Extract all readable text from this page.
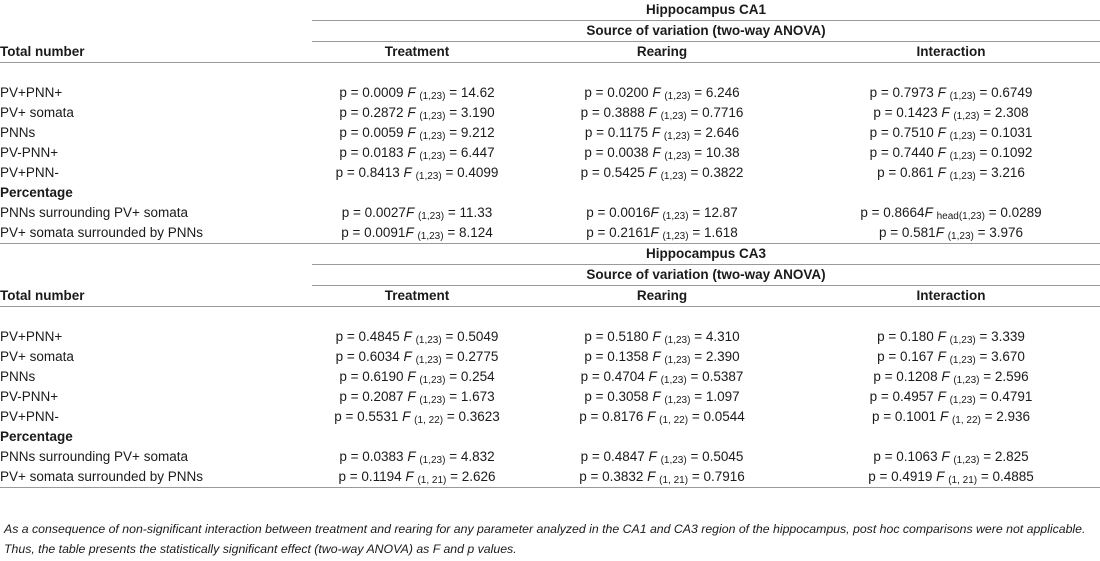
	Hippocampus CA1		
	Source of variation (two-way ANOVA)		
Total number	Treatment	Rearing	Interaction

PV+PNN+	p = 0.0009 F $_{(1,23)}$ = 14.62	p = 0.0200 F $_{(1,23)}$ = 6.246	p = 0.7973 F $_{(1,23)}$ = 0.6749
PV+ somata	p = 0.2872 F $_{(1,23)}$ = 3.190	p = 0.3888 F $_{(1,23)}$ = 0.7716	p = 0.1423 F $_{(1,23)}$ = 2.308
PNNs	p = 0.0059 F $_{(1,23)}$ = 9.212	p = 0.1175 F $_{(1,23)}$ = 2.646	p = 0.7510 F $_{(1,23)}$ = 0.1031
PV-PNN+	p = 0.0183 F $_{(1,23)}$ = 6.447	p = 0.0038 F $_{(1,23)}$ = 10.38	p = 0.7440 F $_{(1,23)}$ = 0.1092
PV+PNN-	p = 0.8413 F $_{(1,23)}$ = 0.4099	p = 0.5425 F $_{(1,23)}$ = 0.3822	p = 0.861 F $_{(1,23)}$ = 3.216
Percentage			
PNNs surrounding PV+ somata	p = 0.0027F $_{(1,23)}$ = 11.33	p = 0.0016F $_{(1,23)}$ = 12.87	p = 0.8664F $_{head(1,23)}$ = 0.0289
PV+ somata surrounded by PNNs	p = 0.0091F $_{(1,23)}$ = 8.124	p = 0.2161F $_{(1,23)}$ = 1.618	p = 0.581F $_{(1,23)}$ = 3.976
	Hippocampus CA3		
	Source of variation (two-way ANOVA)		
Total number	Treatment	Rearing	Interaction

PV+PNN+	p = 0.4845 F $_{(1,23)}$ = 0.5049	p = 0.5180 F $_{(1,23)}$ = 4.310	p = 0.180 F $_{(1,23)}$ = 3.339
PV+ somata	p = 0.6034 F $_{(1,23)}$ = 0.2775	p = 0.1358 F $_{(1,23)}$ = 2.390	p = 0.167 F $_{(1,23)}$ = 3.670
PNNs	p = 0.6190 F $_{(1,23)}$ = 0.254	p = 0.4704 F $_{(1,23)}$ = 0.5387	p = 0.1208 F $_{(1,23)}$ = 2.596
PV-PNN+	p = 0.2087 F $_{(1,23)}$ = 1.673	p = 0.3058 F $_{(1,23)}$ = 1.097	p = 0.4957 F $_{(1,23)}$ = 0.4791
PV+PNN-	p = 0.5531 F $_{(1, 22)}$ = 0.3623	p = 0.8176 F $_{(1, 22)}$ = 0.0544	p = 0.1001 F $_{(1, 22)}$ = 2.936
Percentage			
PNNs surrounding PV+ somata	p = 0.0383 F $_{(1,23)}$ = 4.832	p = 0.4847 F $_{(1,23)}$ = 0.5045	p = 0.1063 F $_{(1,23)}$ = 2.825
PV+ somata surrounded by PNNs	p = 0.1194 F $_{(1, 21)}$ = 2.626	p = 0.3832 F $_{(1, 21)}$ = 0.7916	p = 0.4919 F $_{(1, 21)}$ = 0.4885
As a consequence of non-significant interaction between treatment and rearing for any parameter analyzed in the CA1 and CA3 region of the hippocampus, post hoc comparisons were not applicable. Thus, the table presents the statistically significant effect (two-way ANOVA) as F and p values.
